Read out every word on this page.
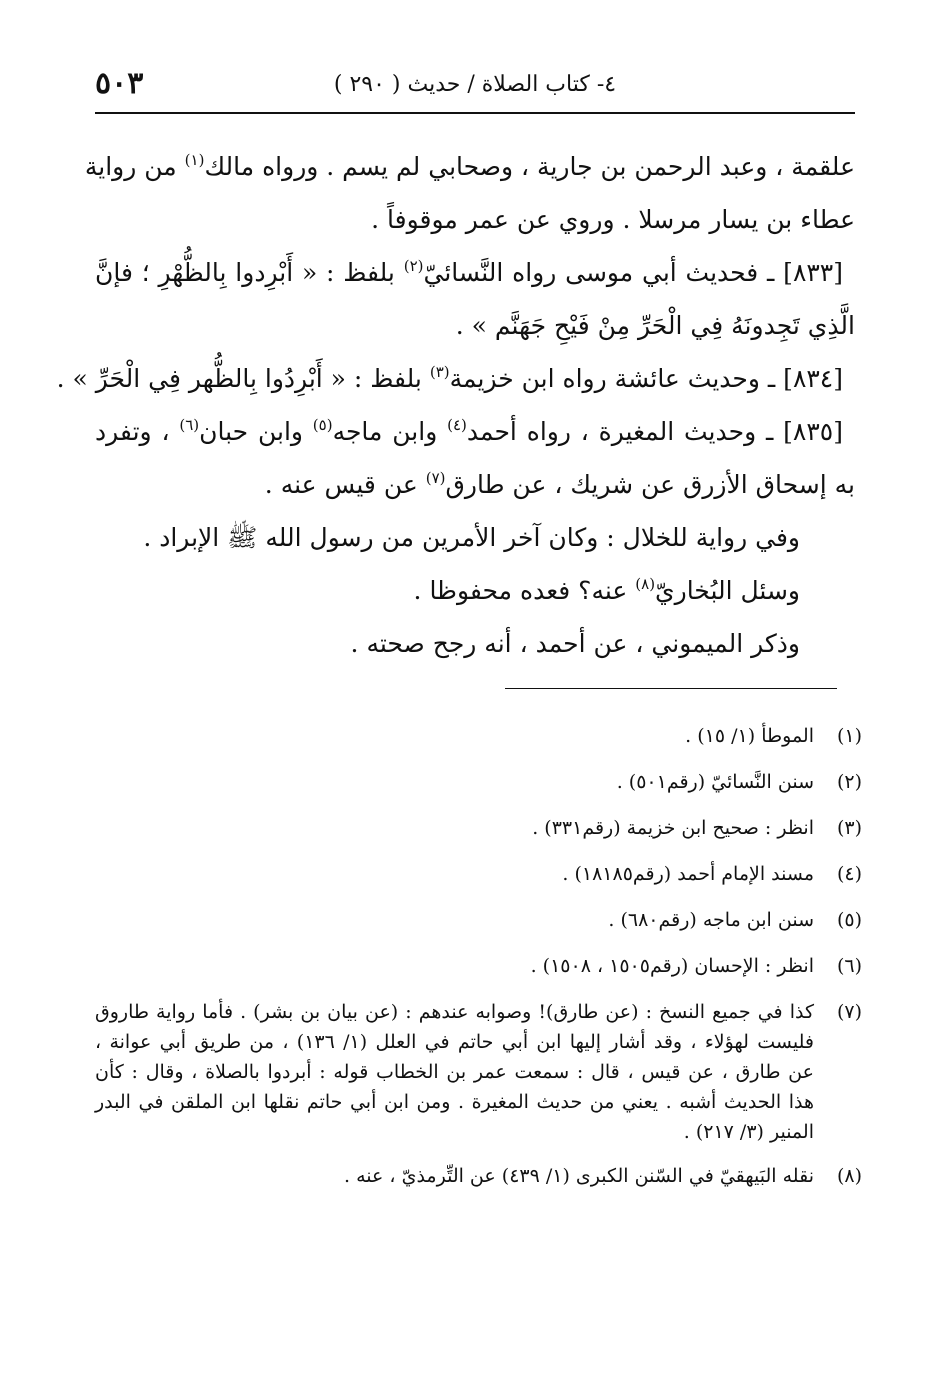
٥٠٣	٤- كتاب الصلاة / حديث ( ٢٩٠ )
علقمة ، وعبد الرحمن بن جارية ، وصحابي لم يسم . ورواه مالك$^{(١)}$ من رواية
عطاء بن يسار مرسلا . وروي عن عمر موقوفاً .
[٨٣٣] ـ فحديث أبي موسى رواه النَّسائيّ$^{(٢)}$ بلفظ : « أَبْرِدوا بِالظُّهْرِ ؛ فإنَّ
الَّذِي تَجِدونَهُ فِي الْحَرِّ مِنْ فَيْحِ جَهَنَّم » .
[٨٣٤] ـ وحديث عائشة رواه ابن خزيمة$^{(٣)}$ بلفظ : « أَبْرِدُوا بِالظُّهر فِي الْحَرِّ » .
[٨٣٥] ـ وحديث المغيرة ، رواه أحمد$^{(٤)}$ وابن ماجه$^{(٥)}$ وابن حبان$^{(٦)}$ ، وتفرد
به إسحاق الأزرق عن شريك ، عن طارق$^{(٧)}$ عن قيس عنه .
وفي رواية للخلال : وكان آخر الأمرين من رسول الله ﷺ الإبراد .
وسئل البُخاريّ$^{(٨)}$ عنه؟ فعده محفوظا .
وذكر الميموني ، عن أحمد ، أنه رجح صحته .
(١)
الموطأ (١/ ١٥) .
(٢)
سنن النَّسائيّ (رقم٥٠١) .
(٣)
انظر : صحيح ابن خزيمة (رقم٣٣١) .
(٤)
مسند الإمام أحمد (رقم١٨١٨٥) .
(٥)
سنن ابن ماجه (رقم٦٨٠) .
(٦)
انظر : الإحسان (رقم١٥٠٥ ، ١٥٠٨) .
(٧)
كذا في جميع النسخ : (عن طارق)! وصوابه عندهم : (عن بيان بن بشر) . فأما رواية طاروق
فليست لهؤلاء ، وقد أشار إليها ابن أبي حاتم في العلل (١/ ١٣٦) ، من طريق أبي عوانة ،
عن طارق ، عن قيس ، قال : سمعت عمر بن الخطاب قوله : أبردوا بالصلاة ، وقال : كأن
هذا الحديث أشبه . يعني من حديث المغيرة . ومن ابن أبي حاتم نقلها ابن الملقن في البدر
المنير (٣/ ٢١٧) .
(٨)
نقله البَيهقيّ في السّنن الكبرى (١/ ٤٣٩) عن التِّرمذيّ ، عنه .
